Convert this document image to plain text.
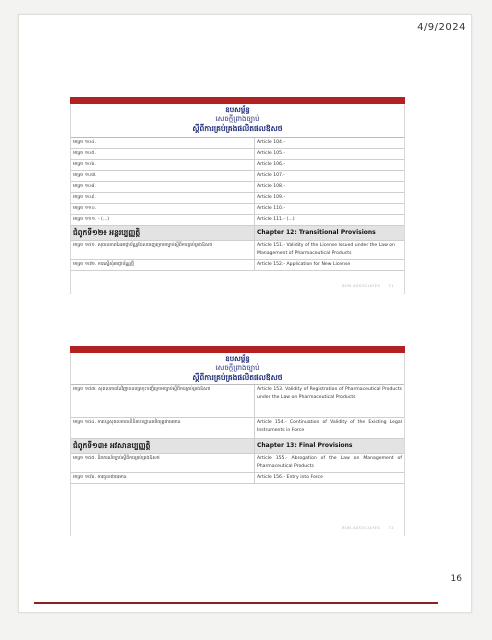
4/9/2024
ឧបសម្ព័ន្ធ
សេចក្តីព្រាងច្បាប់
ស្តីពីការគ្រប់គ្រងផលិតផលឱសថ
មាត្រា ១០៤.	Article 104.-
មាត្រា ១០៥.	Article 105.-
មាត្រា ១០៦.	Article 106.-
មាត្រា ១០៧.	Article 107.-
មាត្រា ១០៨.	Article 108.-
មាត្រា ១០៩.	Article 109.-
មាត្រា ១១០.	Article 110.-
មាត្រា ១១១. - (...)	Article 111.- (...)
ជំពូកទី១២៖ អន្តរប្បញ្ញត្តិ	Chapter 12: Transitional Provisions
មាត្រា ១៥១. សុពលភាពនៃអាជ្ញាប័ណ្ណដែលចេញក្រោមច្បាប់ស្តីពីការគ្រប់គ្រងឱសថ	Article 151.- Validity of the License Issued under the Law on Management of Pharmaceutical Products
មាត្រា ១៥២. ការស្នើសុំអាជ្ញាប័ណ្ណថ្មី	Article 152.- Application for New License
BUN ASSOCIATES 71
ឧបសម្ព័ន្ធ
សេចក្តីព្រាងច្បាប់
ស្តីពីការគ្រប់គ្រងផលិតផលឱសថ
មាត្រា ១៥៣. សុពលភាពនៃវិញ្ញាបនបត្រចុះបញ្ជីក្រោមច្បាប់ស្តីពីការគ្រប់គ្រងឱសថ	Article 153. Validity of Registration of Pharmaceutical Products under the Law on Pharmaceutical Products
មាត្រា ១៥៤. ការបន្តសុពលភាពលិខិតបទដ្ឋានគតិយុត្តជាធរមាន	Article 154.- Continuation of Validity of the Existing Legal Instruments in Force
ជំពូកទី១៣៖ អវសានប្បញ្ញត្តិ	Chapter 13: Final Provisions
មាត្រា ១៥៥. និរាករណ៍ច្បាប់ស្តីពីការគ្រប់គ្រងឱសថ	Article 155.- Abrogation of the Law on Management of Pharmaceutical Products
មាត្រា ១៥៦. ការចូលជាធរមាន	Article 156.- Entry into Force
BUN ASSOCIATES 72
16
